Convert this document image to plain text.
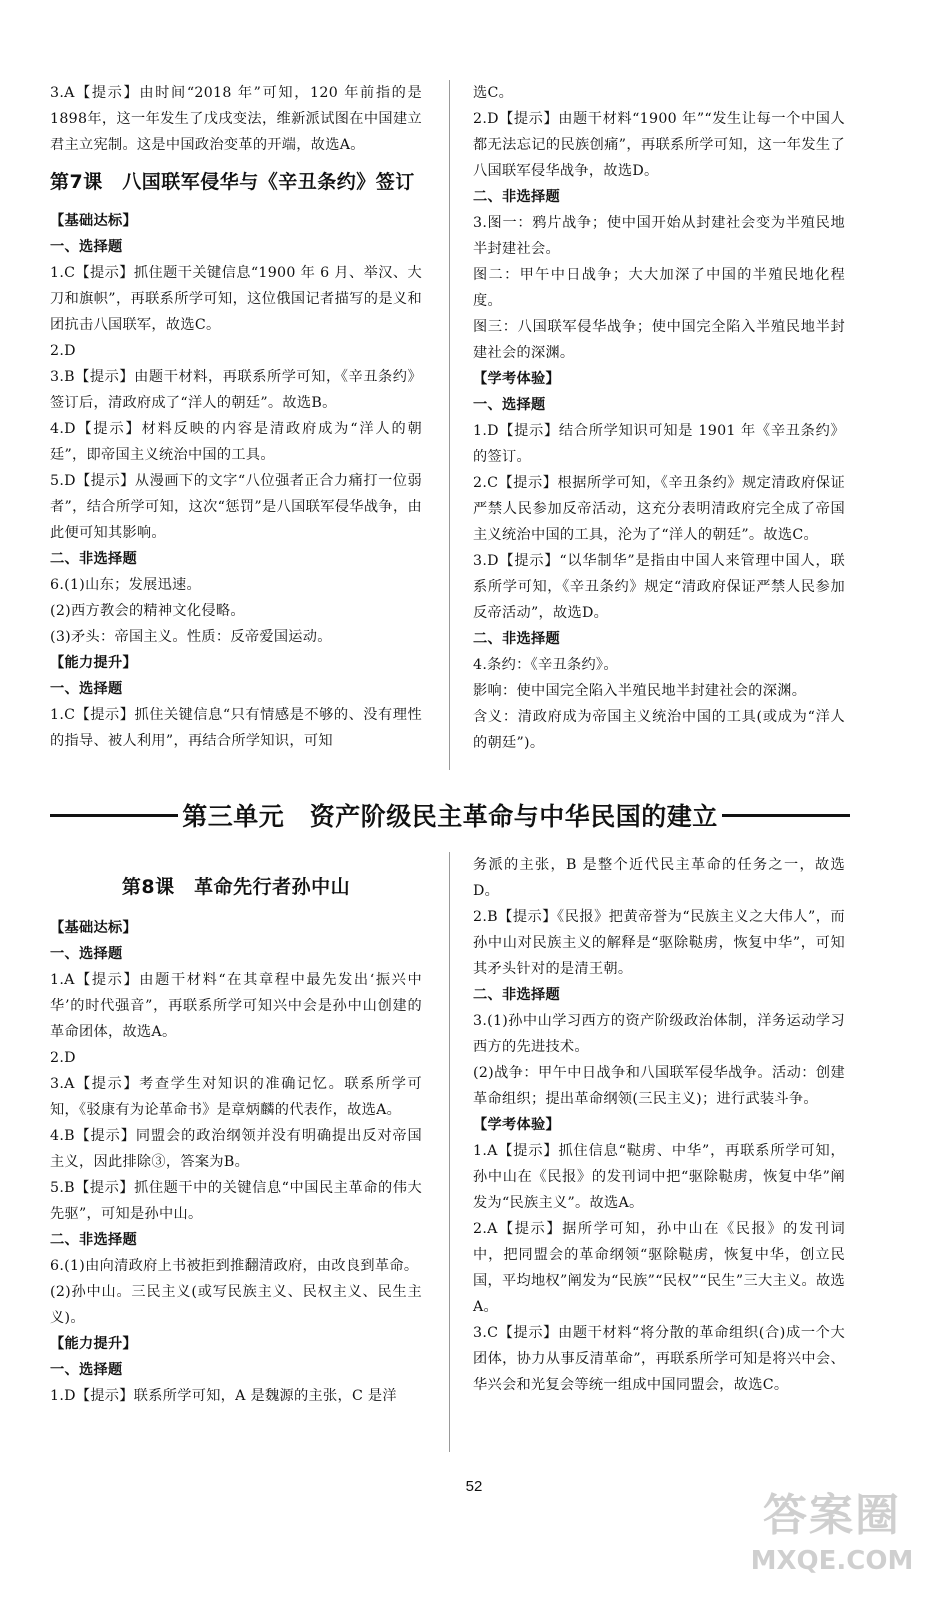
3.A【提示】由时间“2018 年”可知，120 年前指的是1898年，这一年发生了戊戌变法，维新派试图在中国建立君主立宪制。这是中国政治变革的开端，故选A。

第7课　八国联军侵华与《辛丑条约》签订

【基础达标】

一、选择题

1.C【提示】抓住题干关键信息“1900 年 6 月、举汉、大刀和旗帜”，再联系所学可知，这位俄国记者描写的是义和团抗击八国联军，故选C。

2.D

3.B【提示】由题干材料，再联系所学可知，《辛丑条约》签订后，清政府成了“洋人的朝廷”。故选B。

4.D【提示】材料反映的内容是清政府成为“洋人的朝廷”，即帝国主义统治中国的工具。

5.D【提示】从漫画下的文字“八位强者正合力痛打一位弱者”，结合所学可知，这次“惩罚”是八国联军侵华战争，由此便可知其影响。

二、非选择题

6.(1)山东；发展迅速。

(2)西方教会的精神文化侵略。

(3)矛头：帝国主义。性质：反帝爱国运动。

【能力提升】

一、选择题

1.C【提示】抓住关键信息“只有情感是不够的、没有理性的指导、被人利用”，再结合所学知识，可知

选C。

2.D【提示】由题干材料“1900 年”“发生让每一个中国人都无法忘记的民族创痛”，再联系所学可知，这一年发生了八国联军侵华战争，故选D。

二、非选择题

3.图一：鸦片战争；使中国开始从封建社会变为半殖民地半封建社会。

图二：甲午中日战争；大大加深了中国的半殖民地化程度。

图三：八国联军侵华战争；使中国完全陷入半殖民地半封建社会的深渊。

【学考体验】

一、选择题

1.D【提示】结合所学知识可知是 1901 年《辛丑条约》的签订。

2.C【提示】根据所学可知，《辛丑条约》规定清政府保证严禁人民参加反帝活动，这充分表明清政府完全成了帝国主义统治中国的工具，沦为了“洋人的朝廷”。故选C。

3.D【提示】“以华制华”是指由中国人来管理中国人，联系所学可知，《辛丑条约》规定“清政府保证严禁人民参加反帝活动”，故选D。

二、非选择题

4.条约：《辛丑条约》。

影响：使中国完全陷入半殖民地半封建社会的深渊。

含义：清政府成为帝国主义统治中国的工具(或成为“洋人的朝廷”)。

第三单元　资产阶级民主革命与中华民国的建立

第8课　革命先行者孙中山

【基础达标】

一、选择题

1.A【提示】由题干材料“在其章程中最先发出‘振兴中华’的时代强音”，再联系所学可知兴中会是孙中山创建的革命团体，故选A。

2.D

3.A【提示】考查学生对知识的准确记忆。联系所学可知，《驳康有为论革命书》是章炳麟的代表作，故选A。

4.B【提示】同盟会的政治纲领并没有明确提出反对帝国主义，因此排除③，答案为B。

5.B【提示】抓住题干中的关键信息“中国民主革命的伟大先驱”，可知是孙中山。

二、非选择题

6.(1)由向清政府上书被拒到推翻清政府，由改良到革命。

(2)孙中山。三民主义(或写民族主义、民权主义、民生主义)。

【能力提升】

一、选择题

1.D【提示】联系所学可知，A 是魏源的主张，C 是洋

务派的主张，B 是整个近代民主革命的任务之一，故选D。

2.B【提示】《民报》把黄帝誉为“民族主义之大伟人”，而孙中山对民族主义的解释是“驱除鞑虏，恢复中华”，可知其矛头针对的是清王朝。

二、非选择题

3.(1)孙中山学习西方的资产阶级政治体制，洋务运动学习西方的先进技术。

(2)战争：甲午中日战争和八国联军侵华战争。活动：创建革命组织；提出革命纲领(三民主义)；进行武装斗争。

【学考体验】

1.A【提示】抓住信息“鞑虏、中华”，再联系所学可知，孙中山在《民报》的发刊词中把“驱除鞑虏，恢复中华”阐发为“民族主义”。故选A。

2.A【提示】据所学可知，孙中山在《民报》的发刊词中，把同盟会的革命纲领“驱除鞑虏，恢复中华，创立民国，平均地权”阐发为“民族”“民权”“民生”三大主义。故选A。

3.C【提示】由题干材料“将分散的革命组织(合)成一个大团体，协力从事反清革命”，再联系所学可知是将兴中会、华兴会和光复会等统一组成中国同盟会，故选C。

52
答案圈
MXQE.COM
